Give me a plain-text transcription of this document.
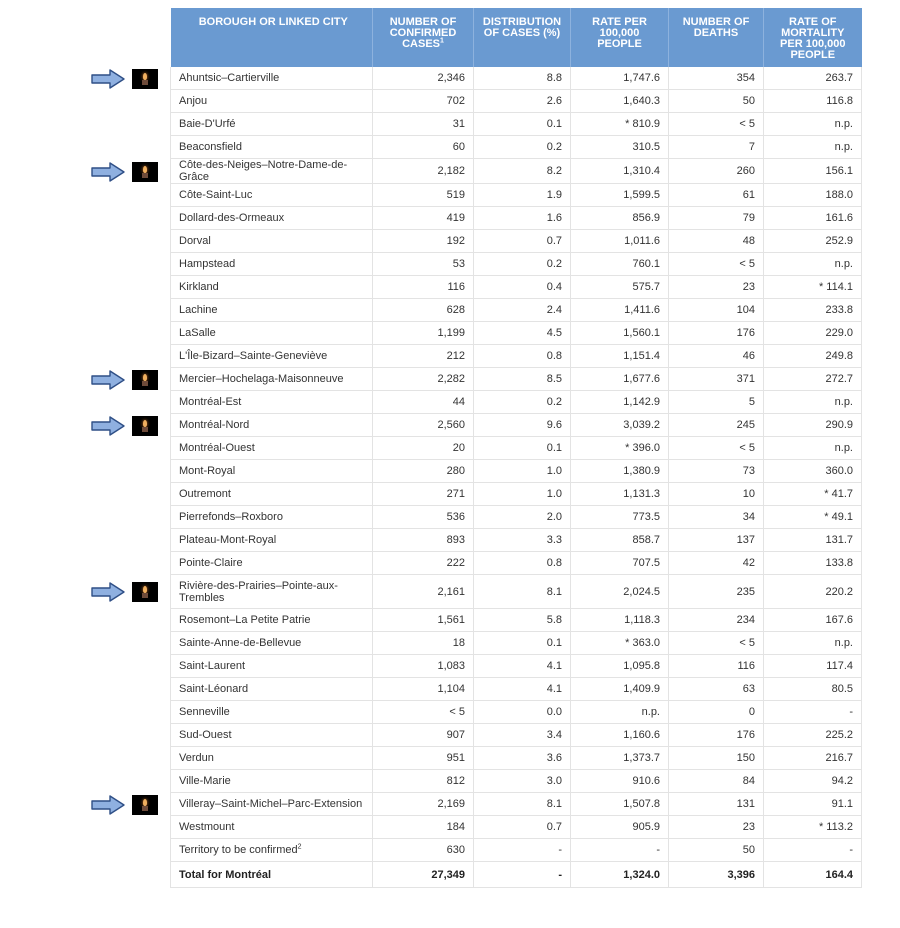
BOROUGH OR LINKED CITY	NUMBER OF CONFIRMED CASES$^1$	DISTRIBUTION OF CASES (%)	RATE PER 100,000 PEOPLE	NUMBER OF DEATHS	RATE OF MORTALITY PER 100,000 PEOPLE

Ahuntsic–Cartierville	2,346	8.8	1,747.6	354	263.7
Anjou	702	2.6	1,640.3	50	116.8
Baie-D'Urfé	31	0.1	* 810.9	< 5	n.p.
Beaconsfield	60	0.2	310.5	7	n.p.
Côte-des-Neiges–Notre-Dame-de-Grâce	2,182	8.2	1,310.4	260	156.1
Côte-Saint-Luc	519	1.9	1,599.5	61	188.0
Dollard-des-Ormeaux	419	1.6	856.9	79	161.6
Dorval	192	0.7	1,011.6	48	252.9
Hampstead	53	0.2	760.1	< 5	n.p.
Kirkland	116	0.4	575.7	23	* 114.1
Lachine	628	2.4	1,411.6	104	233.8
LaSalle	1,199	4.5	1,560.1	176	229.0
L'Île-Bizard–Sainte-Geneviève	212	0.8	1,151.4	46	249.8
Mercier–Hochelaga-Maisonneuve	2,282	8.5	1,677.6	371	272.7
Montréal-Est	44	0.2	1,142.9	5	n.p.
Montréal-Nord	2,560	9.6	3,039.2	245	290.9
Montréal-Ouest	20	0.1	* 396.0	< 5	n.p.
Mont-Royal	280	1.0	1,380.9	73	360.0
Outremont	271	1.0	1,131.3	10	* 41.7
Pierrefonds–Roxboro	536	2.0	773.5	34	* 49.1
Plateau-Mont-Royal	893	3.3	858.7	137	131.7
Pointe-Claire	222	0.8	707.5	42	133.8
Rivière-des-Prairies–Pointe-aux-Trembles	2,161	8.1	2,024.5	235	220.2
Rosemont–La Petite Patrie	1,561	5.8	1,118.3	234	167.6
Sainte-Anne-de-Bellevue	18	0.1	* 363.0	< 5	n.p.
Saint-Laurent	1,083	4.1	1,095.8	116	117.4
Saint-Léonard	1,104	4.1	1,409.9	63	80.5
Senneville	< 5	0.0	n.p.	0	-
Sud-Ouest	907	3.4	1,160.6	176	225.2
Verdun	951	3.6	1,373.7	150	216.7
Ville-Marie	812	3.0	910.6	84	94.2
Villeray–Saint-Michel–Parc-Extension	2,169	8.1	1,507.8	131	91.1
Westmount	184	0.7	905.9	23	* 113.2
Territory to be confirmed$^2$	630	-	-	50	-
Total for Montréal	27,349	-	1,324.0	3,396	164.4
